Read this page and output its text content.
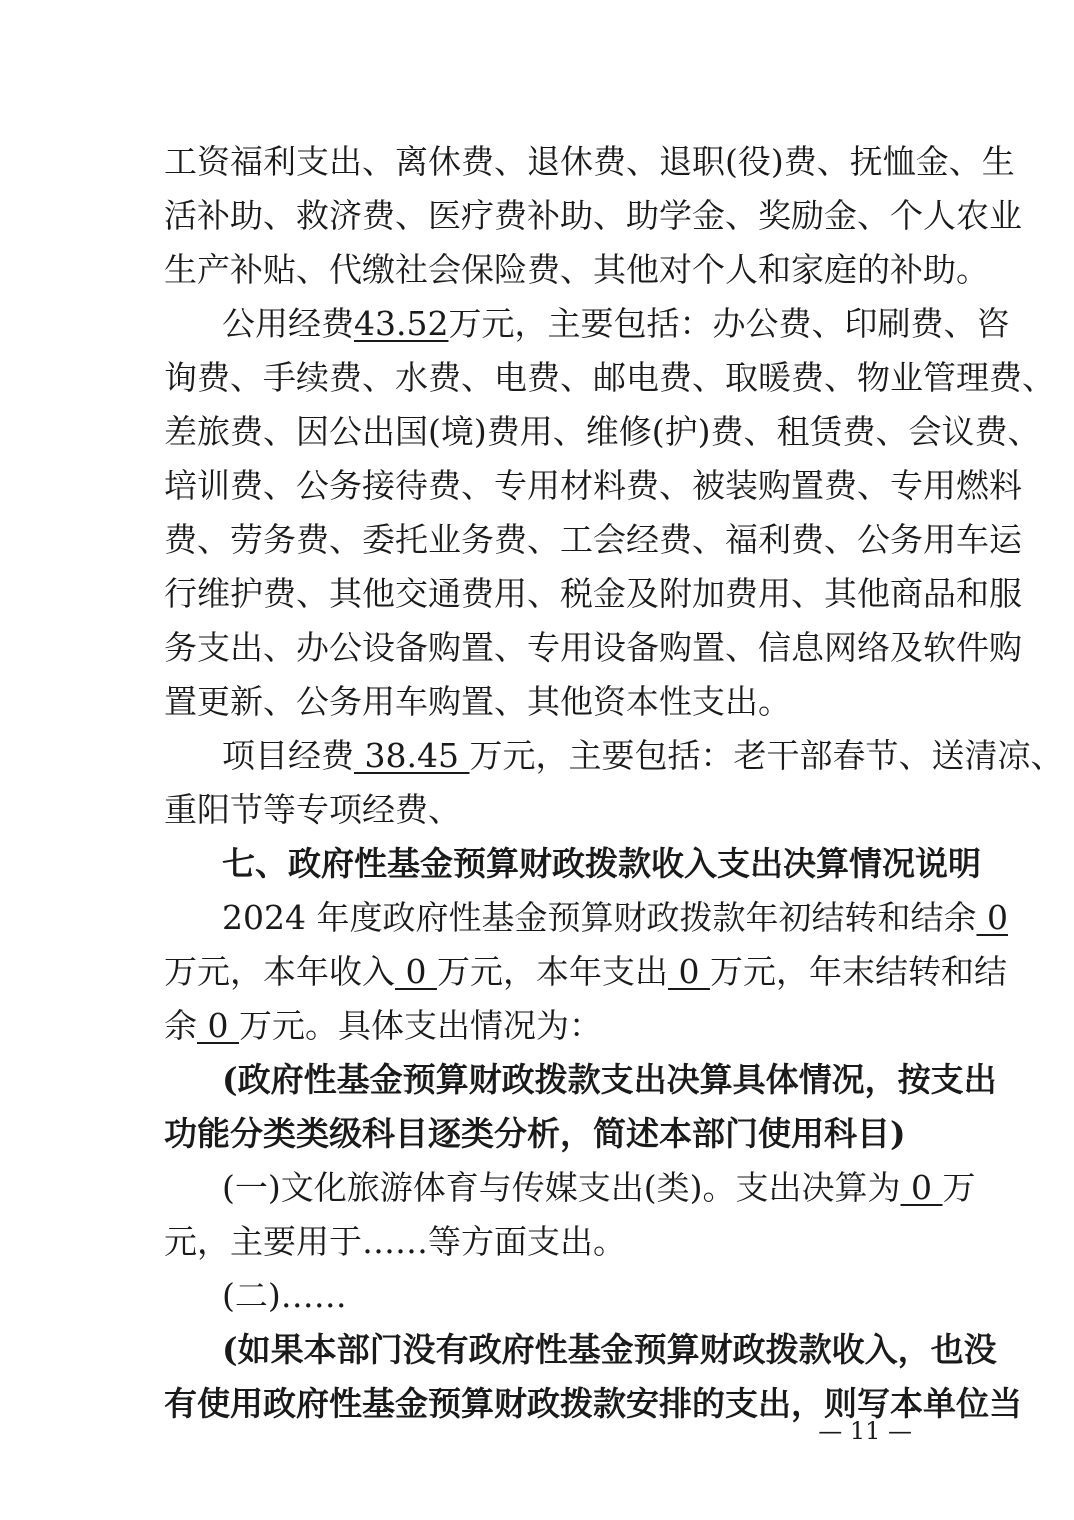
工资福利支出、离休费、退休费、退职(役)费、抚恤金、生
活补助、救济费、医疗费补助、助学金、奖励金、个人农业
生产补贴、代缴社会保险费、其他对个人和家庭的补助。
公用经费43.52万元，主要包括：办公费、印刷费、咨
询费、手续费、水费、电费、邮电费、取暖费、物业管理费、
差旅费、因公出国(境)费用、维修(护)费、租赁费、会议费、
培训费、公务接待费、专用材料费、被装购置费、专用燃料
费、劳务费、委托业务费、工会经费、福利费、公务用车运
行维护费、其他交通费用、税金及附加费用、其他商品和服
务支出、办公设备购置、专用设备购置、信息网络及软件购
置更新、公务用车购置、其他资本性支出。
项目经费 38.45 万元，主要包括：老干部春节、送清凉、
重阳节等专项经费、
七、政府性基金预算财政拨款收入支出决算情况说明
2024 年度政府性基金预算财政拨款年初结转和结余 0
万元，本年收入 0 万元，本年支出 0 万元，年末结转和结
余 0 万元。具体支出情况为：
(政府性基金预算财政拨款支出决算具体情况，按支出
功能分类类级科目逐类分析，简述本部门使用科目)
(一)文化旅游体育与传媒支出(类)。支出决算为 0 万
元，主要用于……等方面支出。
(二)……
(如果本部门没有政府性基金预算财政拨款收入，也没
有使用政府性基金预算财政拨款安排的支出，则写本单位当
— 11 —
